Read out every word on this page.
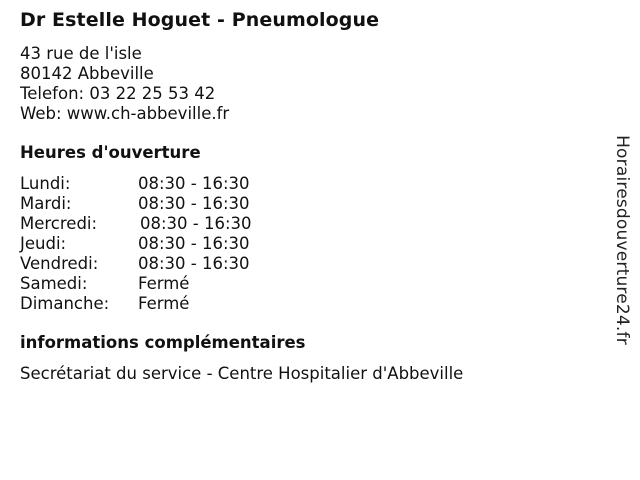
Dr Estelle Hoguet - Pneumologue
43 rue de l'isle
80142 Abbeville
Telefon: 03 22 25 53 42
Web: www.ch-abbeville.fr
Heures d'ouverture
Lundi:	08:30 - 16:30
Mardi:	08:30 - 16:30
Mercredi:	08:30 - 16:30
Jeudi:	08:30 - 16:30
Vendredi: 08:30 - 16:30
Samedi:	Fermé
Dimanche: Fermé
informations complémentaires
Secrétariat du service - Centre Hospitalier d'Abbeville
Horairesdouverture24.fr
